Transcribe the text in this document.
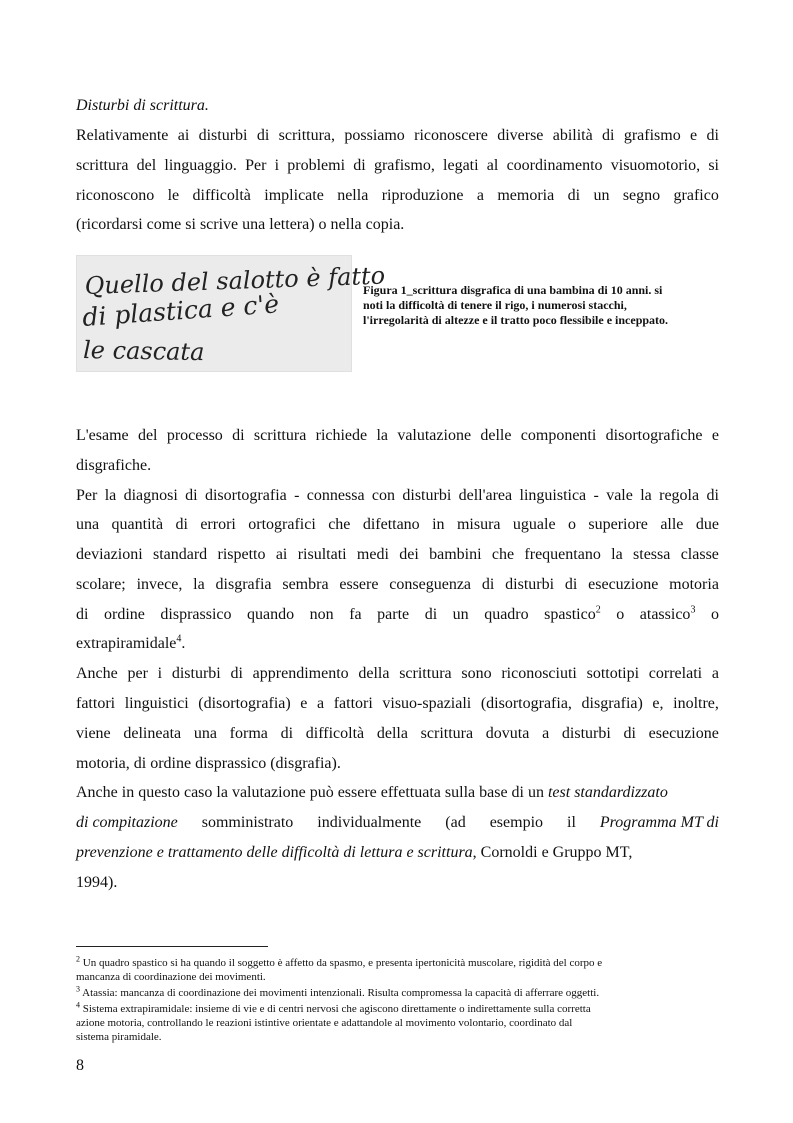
Disturbi di scrittura.
Relativamente ai disturbi di scrittura, possiamo riconoscere diverse abilità di grafismo e di
scrittura del linguaggio. Per i problemi di grafismo, legati al coordinamento visuomotorio, si
riconoscono le difficoltà implicate nella riproduzione a memoria di un segno grafico
(ricordarsi come si scrive una lettera) o nella copia.
Quello del salotto è fatto
di plastica e c'è
le cascata
Figura 1_scrittura disgrafica di una bambina di 10 anni. si
noti la difficoltà di tenere il rigo, i numerosi stacchi,
l'irregolarità di altezze e il tratto poco flessibile e inceppato.
L'esame del processo di scrittura richiede la valutazione delle componenti disortografiche e
disgrafiche.
Per la diagnosi di disortografia - connessa con disturbi dell'area linguistica - vale la regola di
una quantità di errori ortografici che difettano in misura uguale o superiore alle due
deviazioni standard rispetto ai risultati medi dei bambini che frequentano la stessa classe
scolare; invece, la disgrafia sembra essere conseguenza di disturbi di esecuzione motoria
di ordine disprassico quando non fa parte di un quadro spastico$^2$ o atassico$^3$ o
extrapiramidale$^4$.
Anche per i disturbi di apprendimento della scrittura sono riconosciuti sottotipi correlati a
fattori linguistici (disortografia) e a fattori visuo-spaziali (disortografia, disgrafia) e, inoltre,
viene delineata una forma di difficoltà della scrittura dovuta a disturbi di esecuzione
motoria, di ordine disprassico (disgrafia).
Anche in questo caso la valutazione può essere effettuata sulla base di un test standardizzato
di compitazione somministrato individualmente (ad esempio il Programma MT di
prevenzione e trattamento delle difficoltà di lettura e scrittura, Cornoldi e Gruppo MT,
1994).
$^2$ Un quadro spastico si ha quando il soggetto è affetto da spasmo, e presenta ipertonicità muscolare, rigidità del corpo e
mancanza di coordinazione dei movimenti.
$^3$ Atassia: mancanza di coordinazione dei movimenti intenzionali. Risulta compromessa la capacità di afferrare oggetti.
$^4$ Sistema extrapiramidale: insieme di vie e di centri nervosi che agiscono direttamente o indirettamente sulla corretta
azione motoria, controllando le reazioni istintive orientate e adattandole al movimento volontario, coordinato dal
sistema piramidale.
8
